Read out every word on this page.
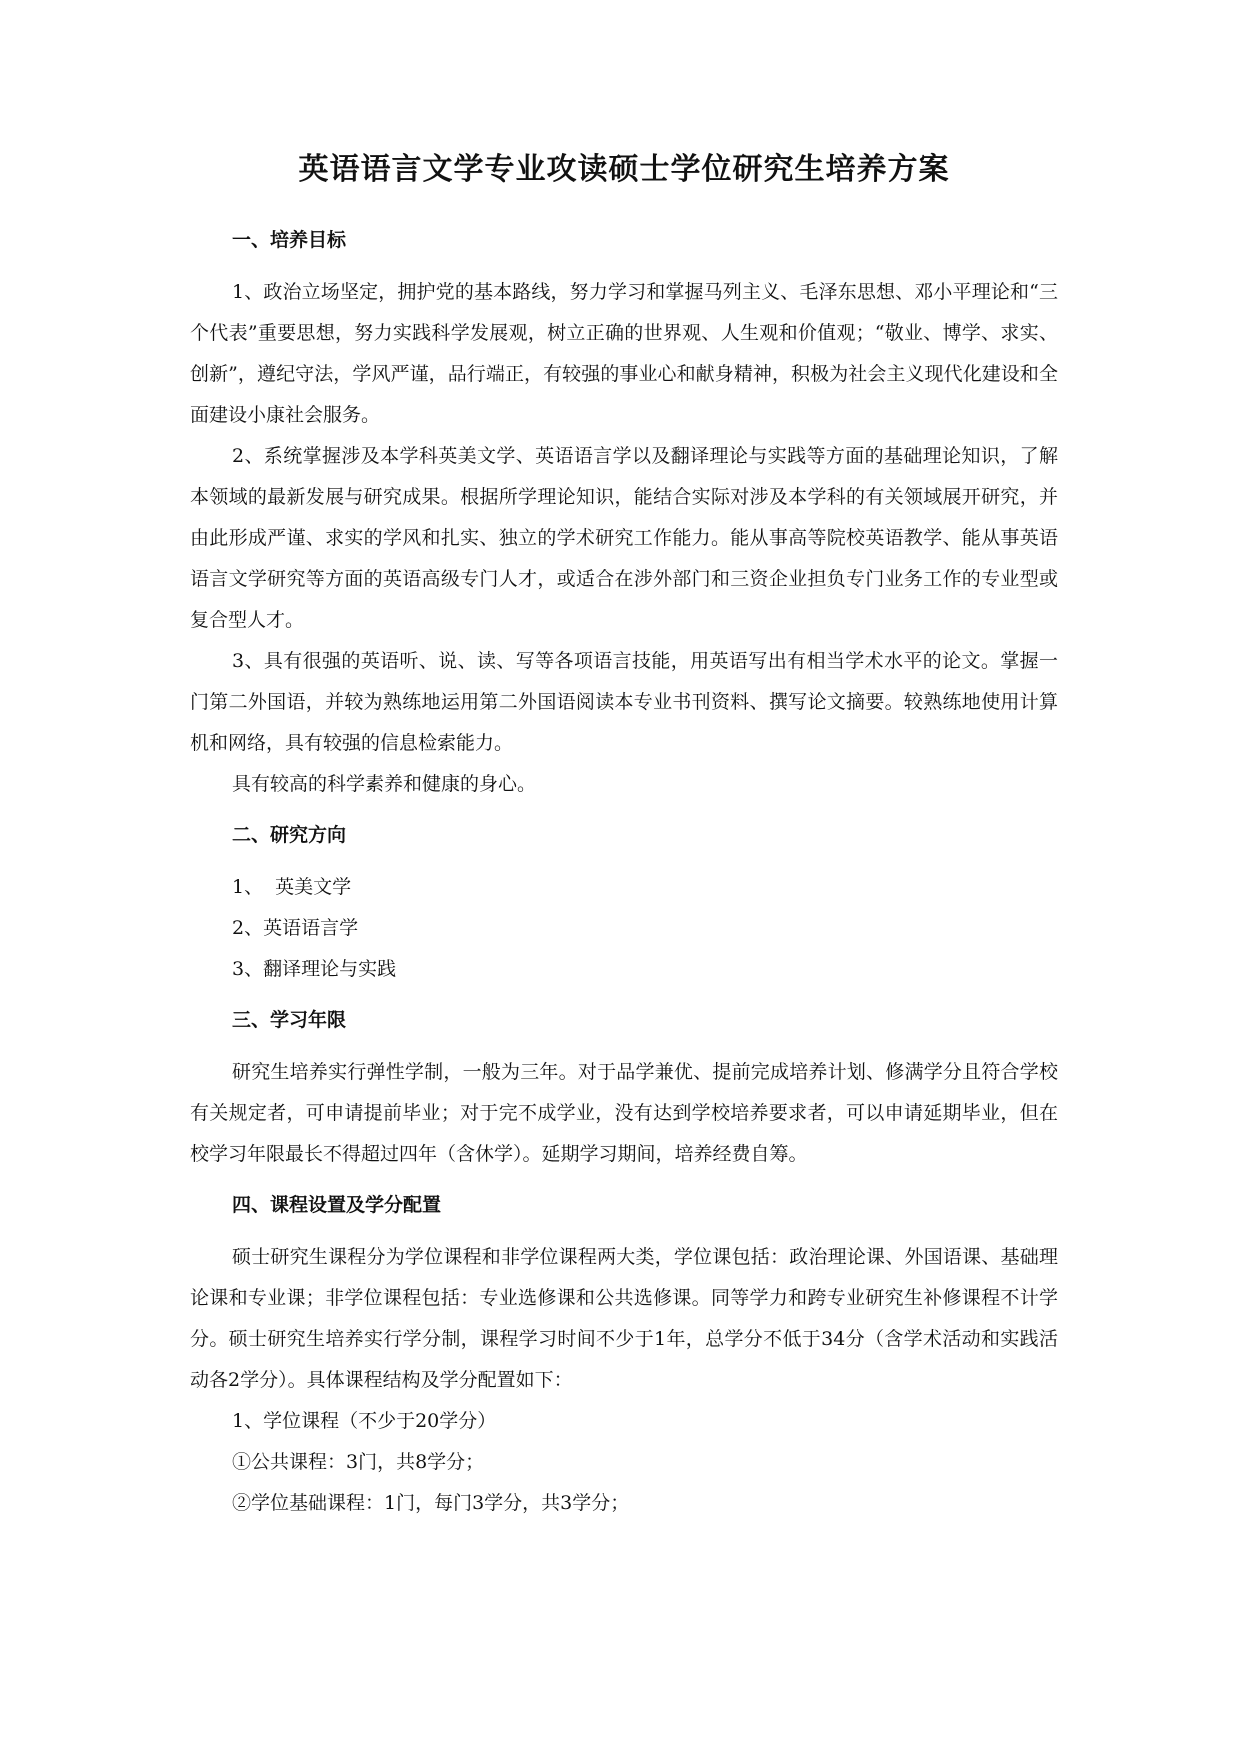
英语语言文学专业攻读硕士学位研究生培养方案
一、培养目标

1、政治立场坚定，拥护党的基本路线，努力学习和掌握马列主义、毛泽东思想、邓小平理论和“三个代表”重要思想，努力实践科学发展观，树立正确的世界观、人生观和价值观；“敬业、博学、求实、创新”，遵纪守法，学风严谨，品行端正，有较强的事业心和献身精神，积极为社会主义现代化建设和全面建设小康社会服务。

2、系统掌握涉及本学科英美文学、英语语言学以及翻译理论与实践等方面的基础理论知识，了解本领域的最新发展与研究成果。根据所学理论知识，能结合实际对涉及本学科的有关领域展开研究，并由此形成严谨、求实的学风和扎实、独立的学术研究工作能力。能从事高等院校英语教学、能从事英语语言文学研究等方面的英语高级专门人才，或适合在涉外部门和三资企业担负专门业务工作的专业型或复合型人才。

3、具有很强的英语听、说、读、写等各项语言技能，用英语写出有相当学术水平的论文。掌握一门第二外国语，并较为熟练地运用第二外国语阅读本专业书刊资料、撰写论文摘要。较熟练地使用计算机和网络，具有较强的信息检索能力。

具有较高的科学素养和健康的身心。

二、研究方向

1、  英美文学

2、英语语言学

3、翻译理论与实践

三、学习年限

研究生培养实行弹性学制，一般为三年。对于品学兼优、提前完成培养计划、修满学分且符合学校有关规定者，可申请提前毕业；对于完不成学业，没有达到学校培养要求者，可以申请延期毕业，但在校学习年限最长不得超过四年（含休学）。延期学习期间，培养经费自筹。

四、课程设置及学分配置

硕士研究生课程分为学位课程和非学位课程两大类，学位课包括：政治理论课、外国语课、基础理论课和专业课；非学位课程包括：专业选修课和公共选修课。同等学力和跨专业研究生补修课程不计学分。硕士研究生培养实行学分制，课程学习时间不少于1年，总学分不低于34分（含学术活动和实践活动各2学分）。具体课程结构及学分配置如下：

1、学位课程（不少于20学分）

①公共课程：3门，共8学分；

②学位基础课程：1门，每门3学分，共3学分；
